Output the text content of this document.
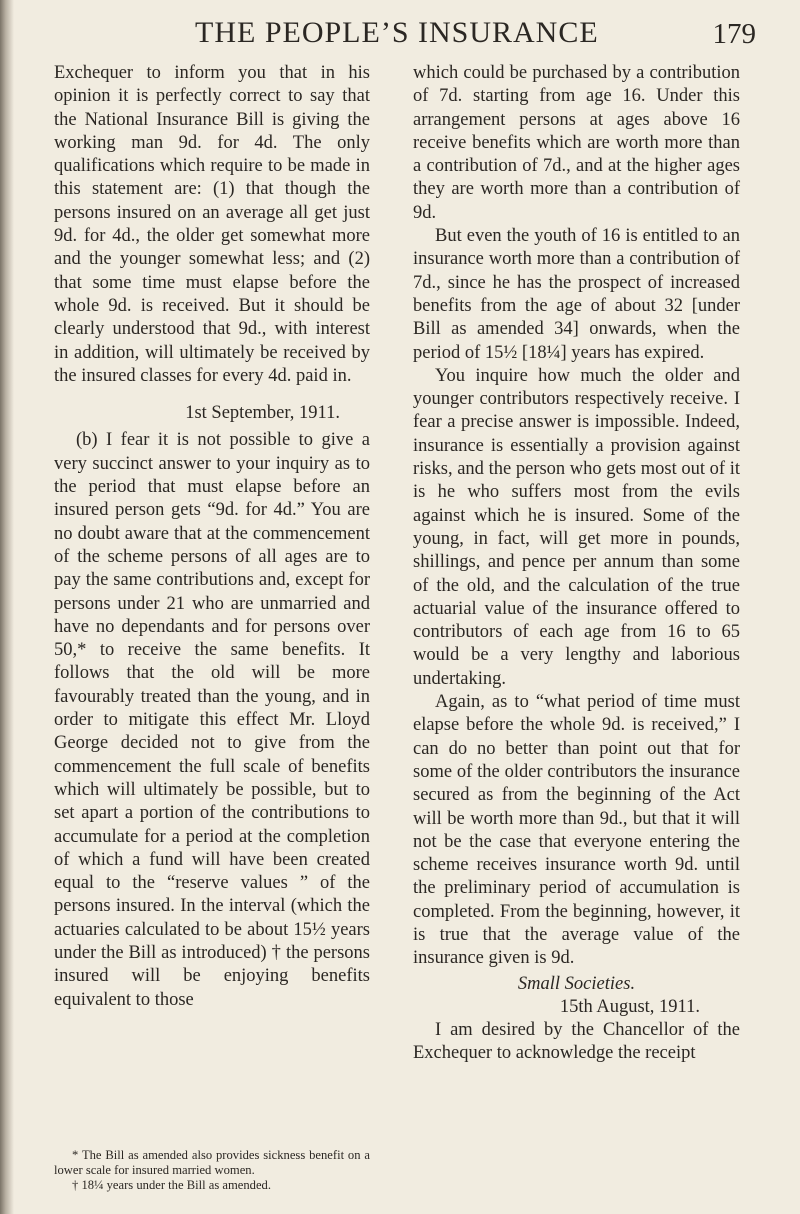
THE PEOPLE’S INSURANCE	179

Exchequer to inform you that in his opinion it is perfectly correct to say that the National Insurance Bill is giving the working man 9d. for 4d. The only qualifications which require to be made in this statement are: (1) that though the persons insured on an average all get just 9d. for 4d., the older get somewhat more and the younger somewhat less; and (2) that some time must elapse before the whole 9d. is received. But it should be clearly understood that 9d., with interest in addition, will ultimately be received by the insured classes for every 4d. paid in.

1st September, 1911.

(b) I fear it is not possible to give a very succinct answer to your inquiry as to the period that must elapse before an insured person gets “9d. for 4d.” You are no doubt aware that at the commencement of the scheme persons of all ages are to pay the same contributions and, except for persons under 21 who are unmarried and have no dependants and for persons over 50,* to receive the same benefits. It follows that the old will be more favourably treated than the young, and in order to mitigate this effect Mr. Lloyd George decided not to give from the commencement the full scale of benefits which will ultimately be possible, but to set apart a portion of the contributions to accumulate for a period at the completion of which a fund will have been created equal to the “reserve values ” of the persons insured. In the interval (which the actuaries calculated to be about 15½ years under the Bill as introduced) † the persons insured will be enjoying benefits equivalent to those

* The Bill as amended also provides sickness benefit on a lower scale for insured married women.

† 18¼ years under the Bill as amended.

which could be purchased by a contribution of 7d. starting from age 16. Under this arrangement persons at ages above 16 receive benefits which are worth more than a contribution of 7d., and at the higher ages they are worth more than a contribution of 9d.

But even the youth of 16 is entitled to an insurance worth more than a contribution of 7d., since he has the prospect of increased benefits from the age of about 32 [under Bill as amended 34] onwards, when the period of 15½ [18¼] years has expired.

You inquire how much the older and younger contributors respectively receive. I fear a precise answer is impossible. Indeed, insurance is essentially a provision against risks, and the person who gets most out of it is he who suffers most from the evils against which he is insured. Some of the young, in fact, will get more in pounds, shillings, and pence per annum than some of the old, and the calculation of the true actuarial value of the insurance offered to contributors of each age from 16 to 65 would be a very lengthy and laborious undertaking.

Again, as to “what period of time must elapse before the whole 9d. is received,” I can do no better than point out that for some of the older contributors the insurance secured as from the beginning of the Act will be worth more than 9d., but that it will not be the case that everyone entering the scheme receives insurance worth 9d. until the preliminary period of accumulation is completed. From the beginning, however, it is true that the average value of the insurance given is 9d.

Small Societies.

15th August, 1911.

I am desired by the Chancellor of the Exchequer to acknowledge the receipt
